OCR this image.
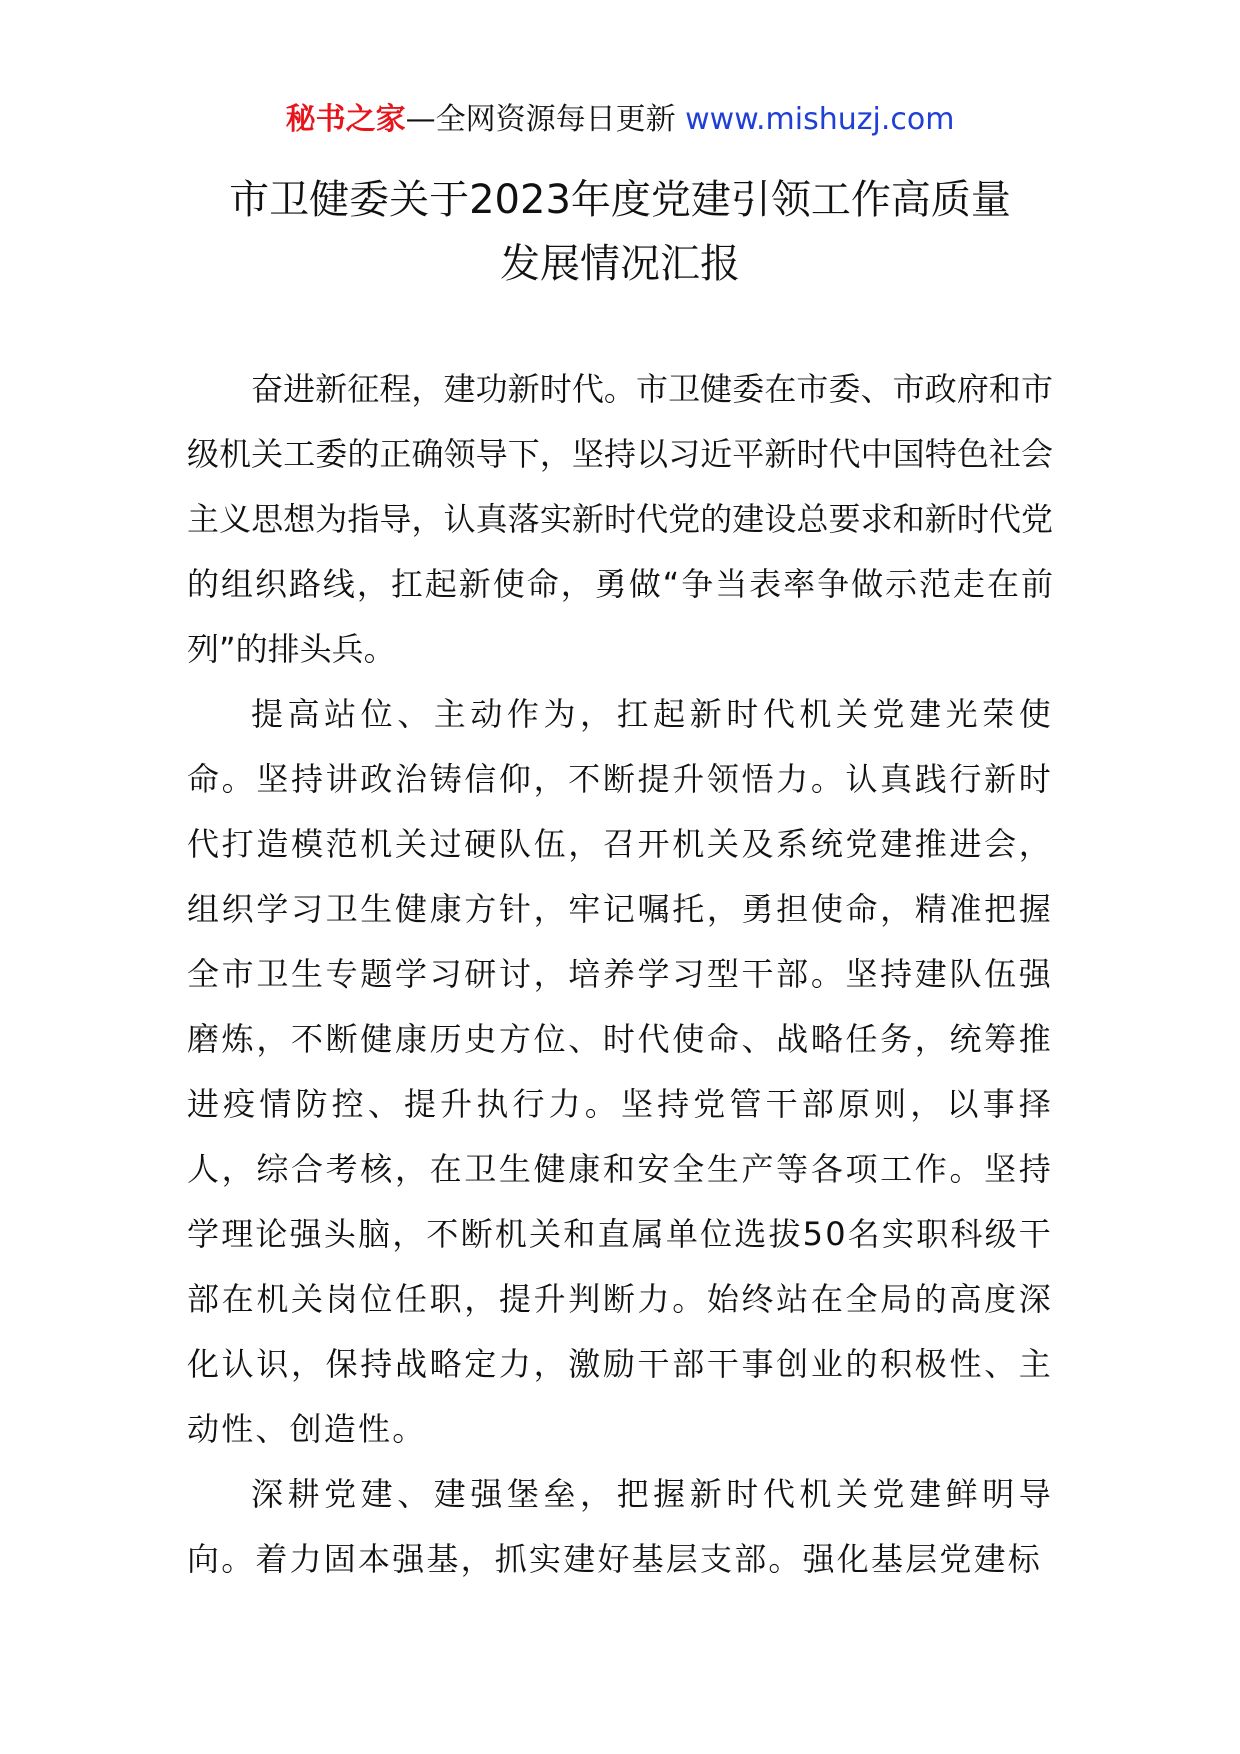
秘书之家—全网资源每日更新 www.mishuzj.com
市卫健委关于2023年度党建引领工作高质量
发展情况汇报

奋进新征程，建功新时代。市卫健委在市委、市政府和市级机关工委的正确领导下，坚持以习近平新时代中国特色社会主义思想为指导，认真落实新时代党的建设总要求和新时代党的组织路线，扛起新使命，勇做“争当表率争做示范走在前列”的排头兵。

提高站位、主动作为，扛起新时代机关党建光荣使命。坚持讲政治铸信仰，不断提升领悟力。认真践行新时代打造模范机关过硬队伍，召开机关及系统党建推进会，组织学习卫生健康方针，牢记嘱托，勇担使命，精准把握全市卫生专题学习研讨，培养学习型干部。坚持建队伍强磨炼，不断健康历史方位、时代使命、战略任务，统筹推进疫情防控、提升执行力。坚持党管干部原则，以事择人，综合考核，在卫生健康和安全生产等各项工作。坚持学理论强头脑，不断机关和直属单位选拔50名实职科级干部在机关岗位任职，提升判断力。始终站在全局的高度深化认识，保持战略定力，激励干部干事创业的积极性、主动性、创造性。

深耕党建、建强堡垒，把握新时代机关党建鲜明导向。着力固本强基，抓实建好基层支部。强化基层党建标
